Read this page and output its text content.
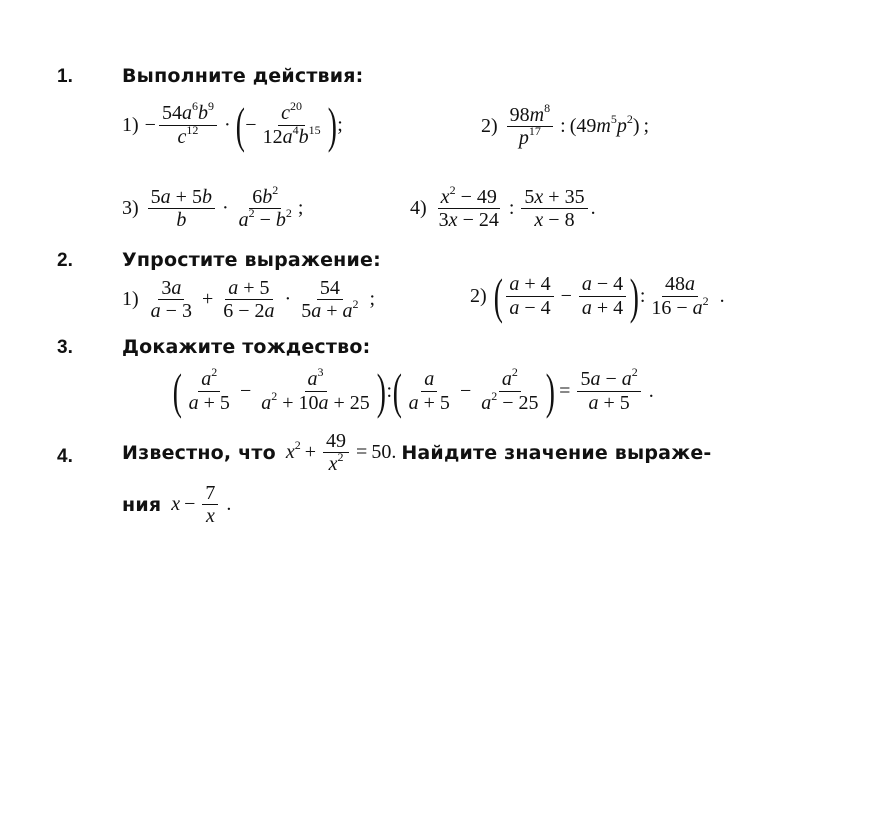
1.	Выполните действия:
$1) - \frac{54a^6b^9}{c^{12}}$ · ( − $\frac{c^{20}}{12a^4b^{15}}$ ) ;	$2) \frac{98m^8}{p^{17}}$ : $(49m^5p^2)$ ;
$3) \frac{5a + 5b}{b} \cdot \frac{6b^2}{a^2 - b^2}$ ;	$4) \frac{x^2 - 49}{3x - 24}$ : $\frac{5x + 35}{x - 8}$ .
2.	Упростите выражение:
$1) \frac{3a}{a - 3} + \frac{a + 5}{6 - 2a} \cdot \frac{54}{5a + a^2}$ ;	2) ( $\frac{a + 4}{a - 4} - \frac{a - 4}{a + 4}$ ) : $\frac{48a}{16 - a^2}$ .
3.	Докажите тождество:
( $\frac{a^2}{a + 5} - \frac{a^3}{a^2 + 10a + 25}$ ) : ( $\frac{a}{a + 5} - \frac{a^2}{a^2 - 25}$ ) = $\frac{5a - a^2}{a + 5}$ .
4.	Известно, что $x^2 + \frac{49}{x^2} = 50$. Найдите значение выраже-
ния $x - \frac{7}{x}$ .
